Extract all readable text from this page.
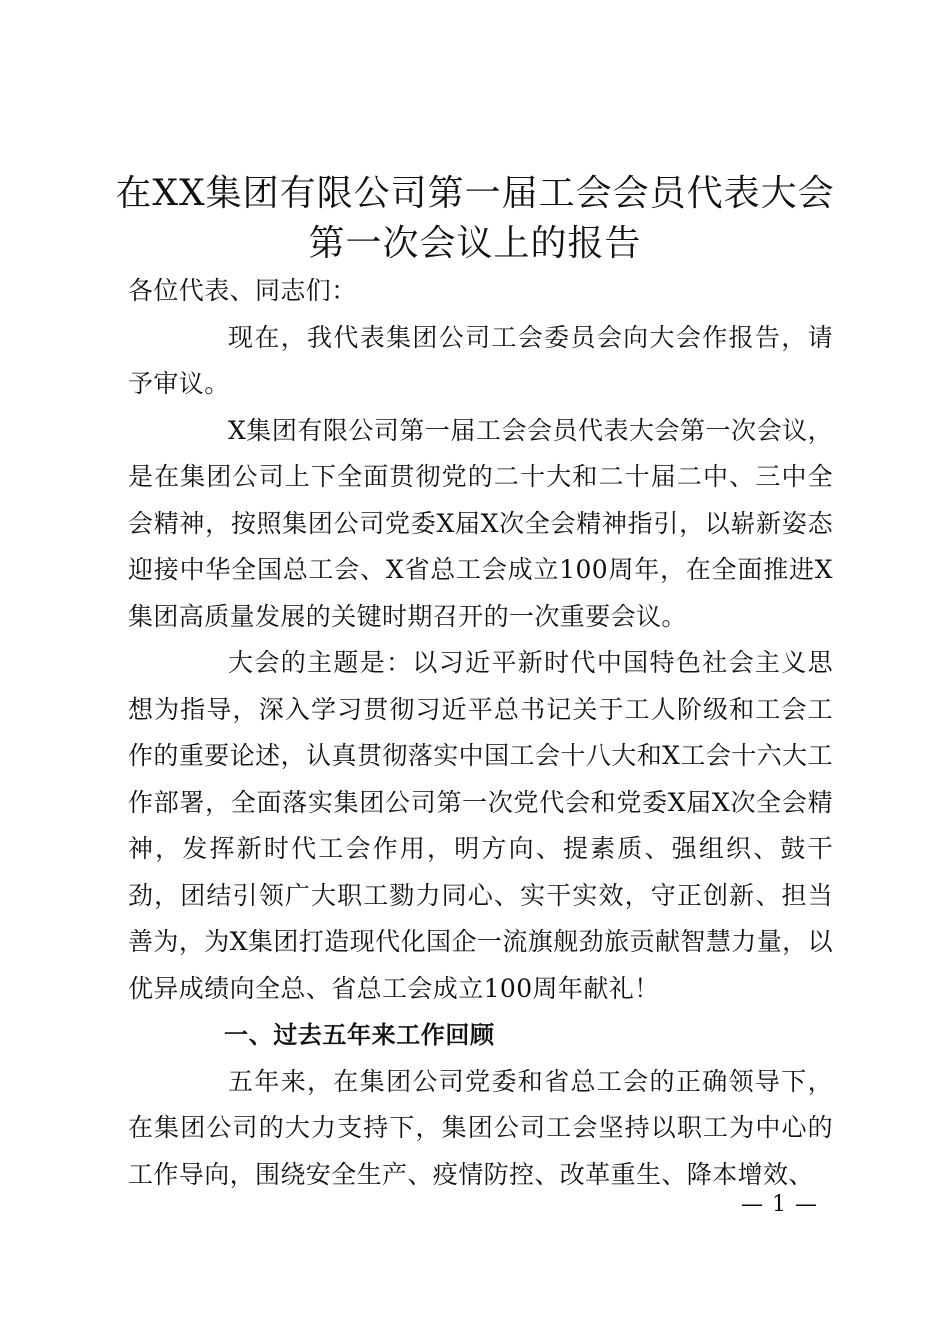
在XX集团有限公司第一届工会会员代表大会
第一次会议上的报告

各位代表、同志们：

现在，我代表集团公司工会委员会向大会作报告，请予审议。

X集团有限公司第一届工会会员代表大会第一次会议，是在集团公司上下全面贯彻党的二十大和二十届二中、三中全会精神，按照集团公司党委X届X次全会精神指引，以崭新姿态迎接中华全国总工会、X省总工会成立100周年，在全面推进X集团高质量发展的关键时期召开的一次重要会议。

大会的主题是：以习近平新时代中国特色社会主义思想为指导，深入学习贯彻习近平总书记关于工人阶级和工会工作的重要论述，认真贯彻落实中国工会十八大和X工会十六大工作部署，全面落实集团公司第一次党代会和党委X届X次全会精神，发挥新时代工会作用，明方向、提素质、强组织、鼓干劲，团结引领广大职工勠力同心、实干实效，守正创新、担当善为，为X集团打造现代化国企一流旗舰劲旅贡献智慧力量，以优异成绩向全总、省总工会成立100周年献礼！

一、过去五年来工作回顾

五年来，在集团公司党委和省总工会的正确领导下，在集团公司的大力支持下，集团公司工会坚持以职工为中心的工作导向，围绕安全生产、疫情防控、改革重生、降本增效、

— 1 —
